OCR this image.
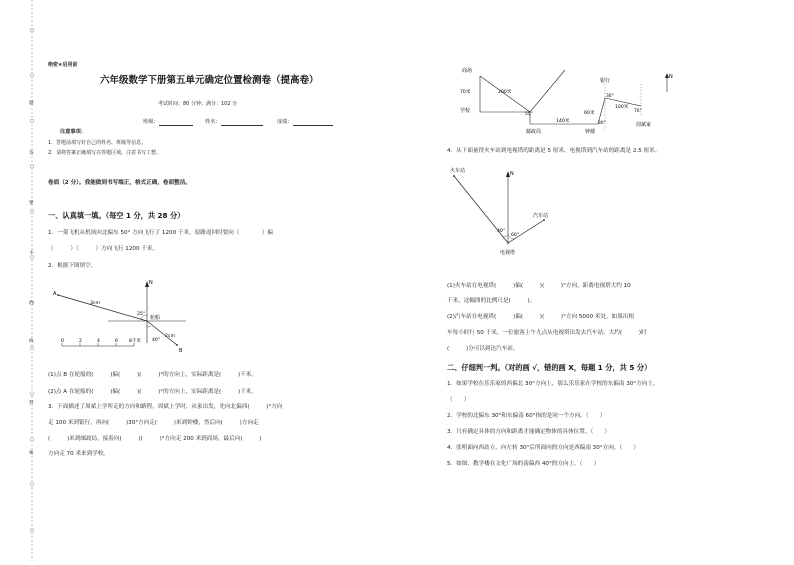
题
答
要
不
内
线
封
密
绝密★启用前
六年级数学下册第五单元确定位置检测卷（提高卷）
考试时间：80 分钟；满分：102 分
班级：	姓名：	成绩：
注意事项：
1．答题前填写好自己的姓名、班级等信息。
2．请将答案正确填写在答题区域，注意书写工整。
卷面（2 分）。我能做到书写端正，格式正确，卷面整洁。
一、认真填一填。（每空 1 分，共 28 分）
1．一架飞机从机场向北偏东 50° 方向飞行了 1200 千米，原路返回时要向（　　　　）偏
（　　　）（　　　）方向飞行 1200 千米。
2．根据下图填空。
A
B
N
轮船
3cm
2cm
25°
40°
0	2	4	6 8千米
(1)点 B 在轮船的(　　　)偏(　　　)(　　　)°的方向上，实际距离是(　　　)千米。
(2)点 A 在轮船的(　　　)偏(　　　)(　　　)°的方向上，实际距离是(　　　)千米。
3．下面描述了周斌上学所走的方向和路程。周斌上学时，从家出发，先向北偏西(　　　)°方向
走 100 米到银行，再向(　　　)30°方向走(　　　)米到钟楼，然后向(　　　)方向走
(　　　)米到邮政局，接着向(　　　)(　　　)°方向走 200 米到商场，最后向(　　　)
方向走 70 米来到学校。
商场
学校
邮政局	钟楼
银行
周斌家
N
70米	200米
140米
60米
100米
55°
30°
30°
70°
4．从下面量得火车站到电视塔的距离是 5 厘米，电视塔到汽车站的距离是 2.5 厘米。
火车站
汽车站
电视塔
N
40°
60°
(1)火车站在电视塔(　　　)偏(　　　)(　　　)°方向，距离电视塔大约 10
千米，这幅图的比例尺是(　　　)。
(2)汽车站在电视塔(　　　)偏(　　　)(　　　)°方向 5000 米处。如果出租
车每小时行 50 千米，一位旅客上午九点从电视塔出发去汽车站，大约(　　　)时
(　　　)分可以到达汽车站。
二、仔细判一判。（对的画 √，错的画 X，每题 1 分，共 5 分）
1．如果学校在乐乐家的西偏北 30°方向上，那么乐乐家在学校的东偏南 30°方向上。
（　　）
2．学校的北偏东 30°和东偏南 60°指的是同一个方向。（　　）
3．只有确定具体的方向和距离才能确定物体的具体位置。（　　）
4．张明面向西站立，向左转 30°后所面向的方向是西偏南 30°方向。（　　）
5．如图，教学楼在文化广场的南偏西 40°的方向上。（　　）
